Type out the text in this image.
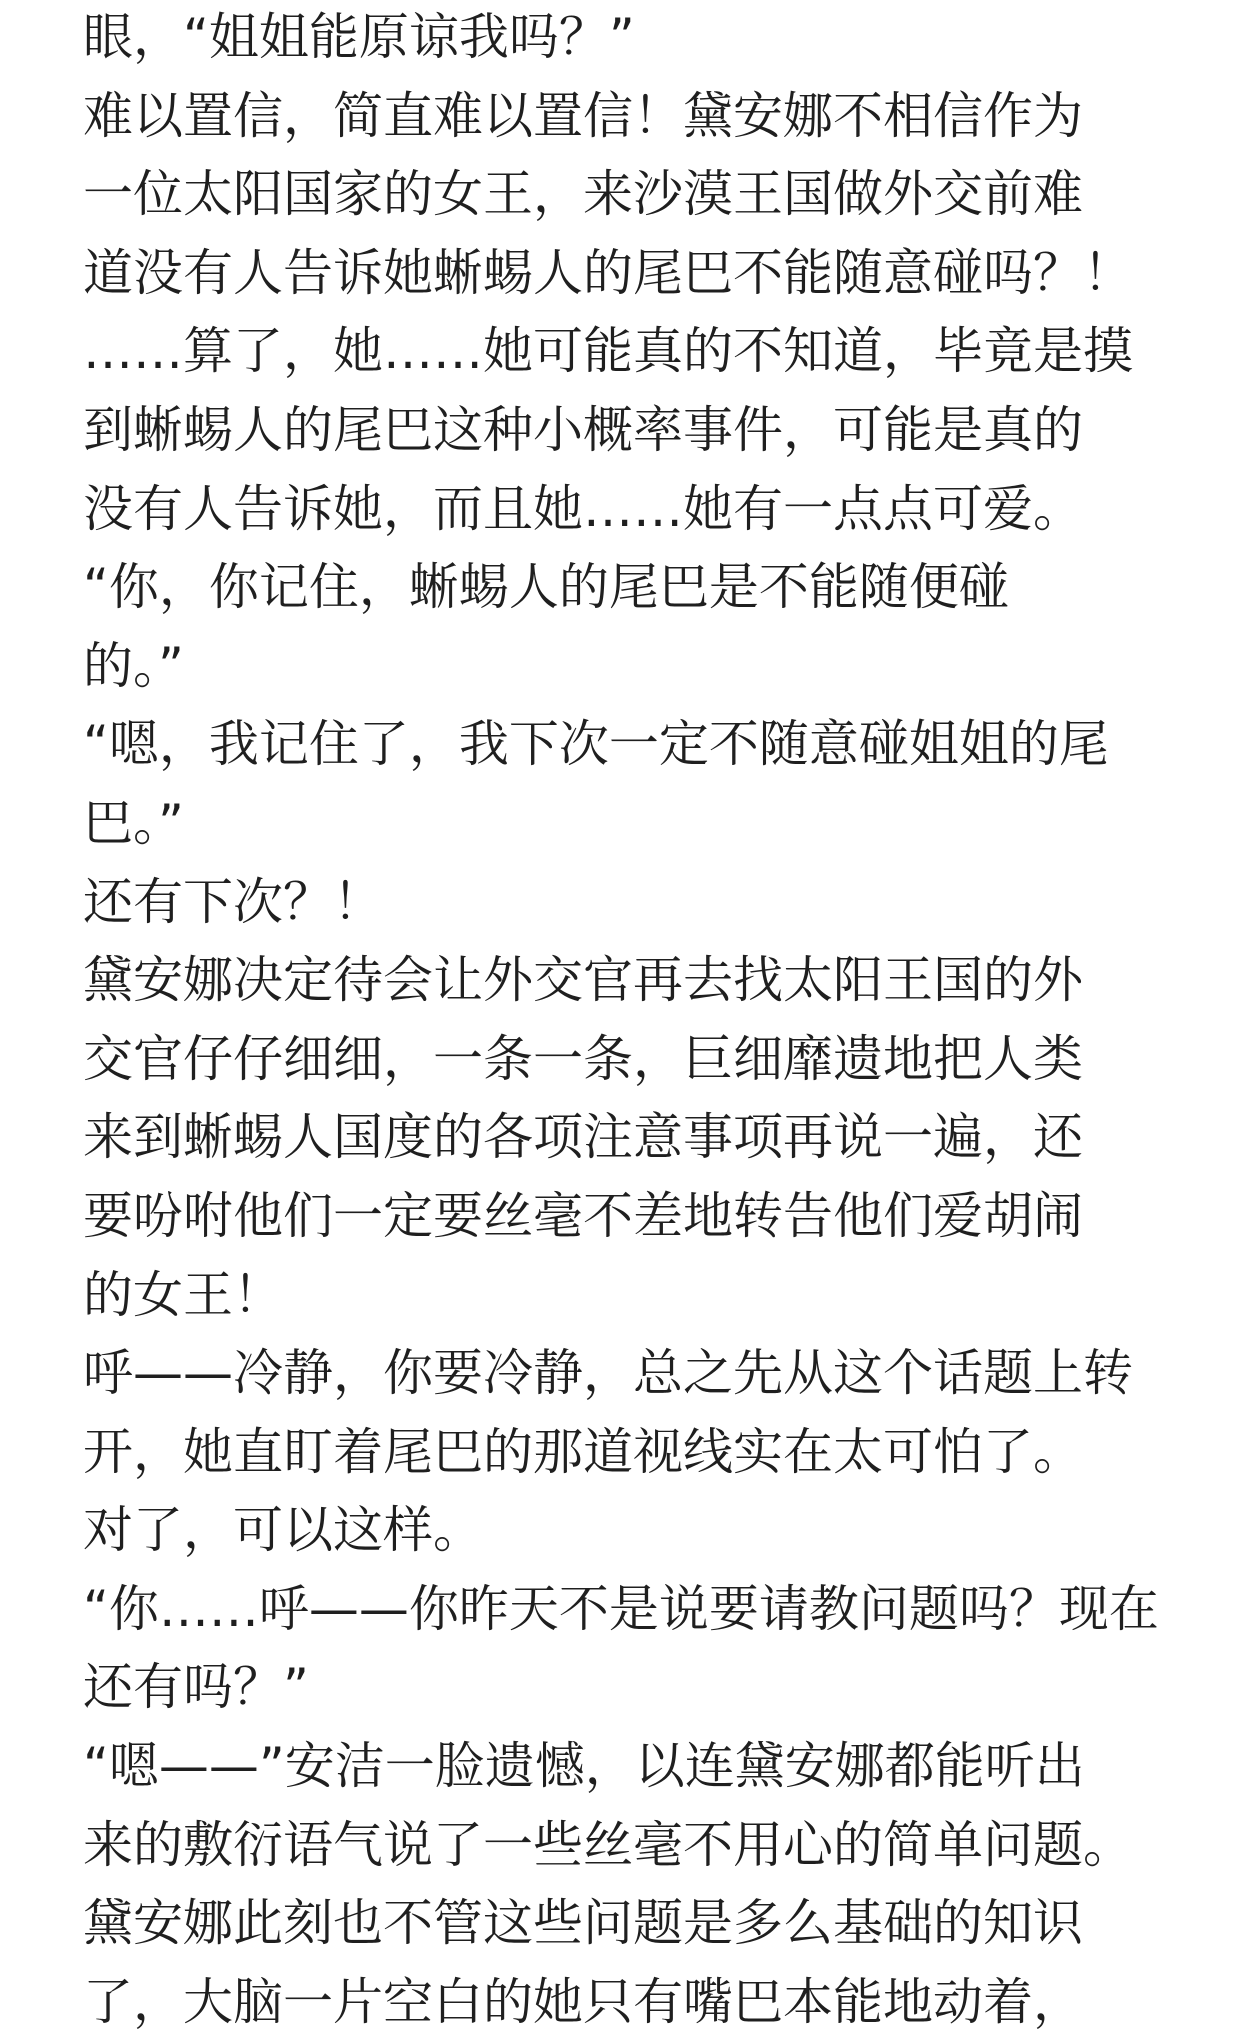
眼，“姐姐能原谅我吗？”
难以置信，简直难以置信！黛安娜不相信作为
一位太阳国家的女王，来沙漠王国做外交前难
道没有人告诉她蜥蜴人的尾巴不能随意碰吗？！
……算了，她……她可能真的不知道，毕竟是摸
到蜥蜴人的尾巴这种小概率事件，可能是真的
没有人告诉她，而且她……她有一点点可爱。
“你，你记住，蜥蜴人的尾巴是不能随便碰
的。”
“嗯，我记住了，我下次一定不随意碰姐姐的尾
巴。”
还有下次？！
黛安娜决定待会让外交官再去找太阳王国的外
交官仔仔细细，一条一条，巨细靡遗地把人类
来到蜥蜴人国度的各项注意事项再说一遍，还
要吩咐他们一定要丝毫不差地转告他们爱胡闹
的女王！
呼——冷静，你要冷静，总之先从这个话题上转
开，她直盯着尾巴的那道视线实在太可怕了。
对了，可以这样。
“你……呼——你昨天不是说要请教问题吗？现在
还有吗？”
“嗯——”安洁一脸遗憾，以连黛安娜都能听出
来的敷衍语气说了一些丝毫不用心的简单问题。
黛安娜此刻也不管这些问题是多么基础的知识
了，大脑一片空白的她只有嘴巴本能地动着，
